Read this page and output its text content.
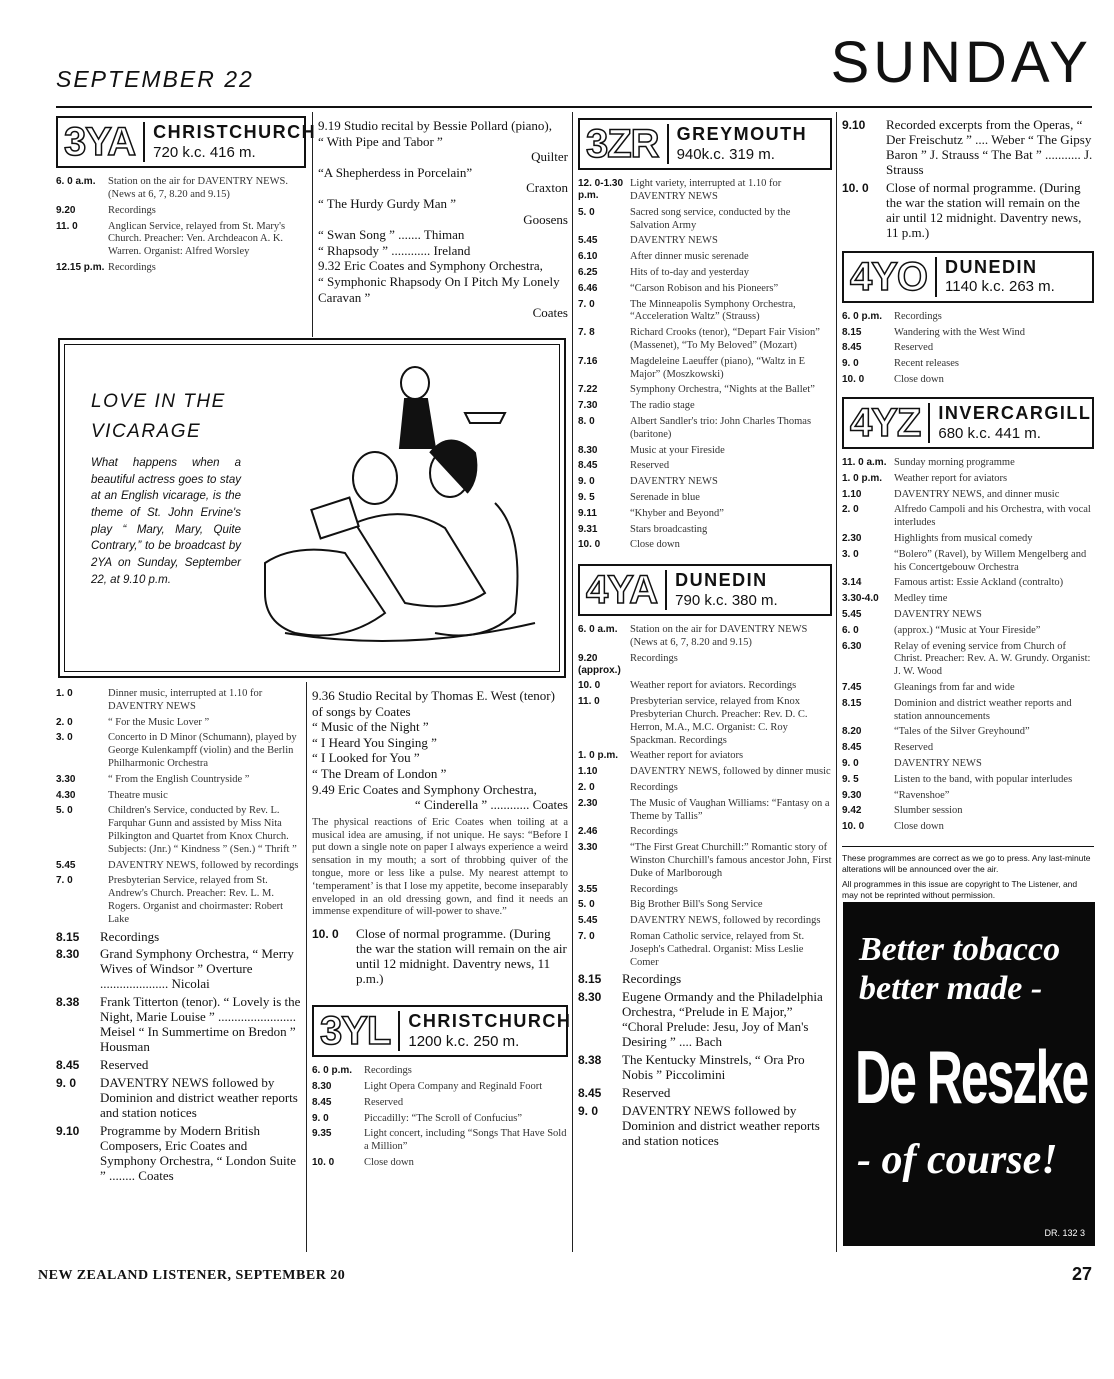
SEPTEMBER 22	SUNDAY
3YA	CHRISTCHURCH
720 k.c. 416 m.
6. 0 a.m.	Station on the air for DAVENTRY NEWS. (News at 6, 7, 8.20 and 9.15)
9.20	Recordings
11. 0	Anglican Service, relayed from St. Mary's Church. Preacher: Ven. Archdeacon A. K. Warren. Organist: Alfred Worsley
12.15 p.m. Recordings
9.19 Studio recital by Bessie Pollard (piano),
“ With Pipe and Tabor ”
Quilter
“A Shepherdess in Porcelain”
Craxton
“ The Hurdy Gurdy Man ”
Goosens
“ Swan Song ” ....... Thiman
“ Rhapsody ” ............ Ireland
9.32 Eric Coates and Symphony Orchestra,
“ Symphonic Rhapsody On I Pitch My Lonely Caravan ”
Coates
LOVE IN THE
VICARAGE
What happens when a beautiful actress goes to stay at an English vicarage, is the theme of St. John Ervine's play “ Mary, Mary, Quite Contrary,” to be broadcast by 2YA on Sunday, September 22, at 9.10 p.m.
1. 0	Dinner music, interrupted at 1.10 for DAVENTRY NEWS
2. 0	“ For the Music Lover ”
3. 0	Concerto in D Minor (Schumann), played by George Kulenkampff (violin) and the Berlin Philharmonic Orchestra
3.30	“ From the English Countryside ”
4.30	Theatre music
5. 0	Children's Service, conducted by Rev. L. Farquhar Gunn and assisted by Miss Nita Pilkington and Quartet from Knox Church. Subjects: (Jnr.) “ Kindness ” (Sen.) “ Thrift ”
5.45	DAVENTRY NEWS, followed by recordings
7. 0	Presbyterian Service, relayed from St. Andrew's Church. Preacher: Rev. L. M. Rogers. Organist and choirmaster: Robert Lake
8.15	Recordings
8.30	Grand Symphony Orchestra, “ Merry Wives of Windsor ” Overture ..................... Nicolai
8.38	Frank Titterton (tenor). “ Lovely is the Night, Marie Louise ” ........................ Meisel “ In Summertime on Bredon ” Housman
8.45	Reserved
9. 0	DAVENTRY NEWS followed by Dominion and district weather reports and station notices
9.10	Programme by Modern British Composers, Eric Coates and Symphony Orchestra, “ London Suite ” ........ Coates
9.36 Studio Recital by Thomas E. West (tenor) of songs by Coates
“ Music of the Night ”
“ I Heard You Singing ”
“ I Looked for You ”
“ The Dream of London ”
9.49 Eric Coates and Symphony Orchestra,
“ Cinderella ” ............ Coates
The physical reactions of Eric Coates when toiling at a musical idea are amusing, if not unique. He says: “Before I put down a single note on paper I always experience a weird sensation in my mouth; a sort of throbbing quiver of the tongue, more or less like a pulse. My nearest attempt to ‘temperament’ is that I lose my appetite, become inseparably enveloped in an old dressing gown, and find it needs an immense expenditure of will-power to shave.”
10. 0	Close of normal programme. (During the war the station will remain on the air until 12 midnight. Daventry news, 11 p.m.)
3YL	CHRISTCHURCH
1200 k.c. 250 m.
6. 0 p.m.	Recordings
8.30	Light Opera Company and Reginald Foort
8.45	Reserved
9. 0	Piccadilly: “The Scroll of Confucius”
9.35	Light concert, including “Songs That Have Sold a Million”
10. 0	Close down
3ZR	GREYMOUTH
940k.c. 319 m.
12. 0-1.30 p.m.
Light variety, interrupted at 1.10 for DAVENTRY NEWS
5. 0	Sacred song service, conducted by the Salvation Army
5.45	DAVENTRY NEWS
6.10	After dinner music serenade
6.25	Hits of to-day and yesterday
6.46	“Carson Robison and his Pioneers”
7. 0	The Minneapolis Symphony Orchestra, “Acceleration Waltz” (Strauss)
7. 8	Richard Crooks (tenor), “Depart Fair Vision” (Massenet), “To My Beloved” (Mozart)
7.16	Magdeleine Laeuffer (piano), “Waltz in E Major” (Moszkowski)
7.22	Symphony Orchestra, “Nights at the Ballet”
7.30	The radio stage
8. 0	Albert Sandler's trio: John Charles Thomas (baritone)
8.30	Music at your Fireside
8.45	Reserved
9. 0	DAVENTRY NEWS
9. 5	Serenade in blue
9.11	“Khyber and Beyond”
9.31	Stars broadcasting
10. 0	Close down
4YA	DUNEDIN
790 k.c. 380 m.
6. 0 a.m.	Station on the air for DAVENTRY NEWS (News at 6, 7, 8.20 and 9.15)
9.20 (approx.)
Recordings
10. 0	Weather report for aviators. Recordings
11. 0	Presbyterian service, relayed from Knox Presbyterian Church. Preacher: Rev. D. C. Herron, M.A., M.C. Organist: C. Roy Spackman. Recordings
1. 0 p.m.	Weather report for aviators
1.10	DAVENTRY NEWS, followed by dinner music
2. 0	Recordings
2.30	The Music of Vaughan Williams: “Fantasy on a Theme by Tallis”
2.46	Recordings
3.30	“The First Great Churchill:” Romantic story of Winston Churchill's famous ancestor John, First Duke of Marlborough
3.55	Recordings
5. 0	Big Brother Bill's Song Service
5.45	DAVENTRY NEWS, followed by recordings
7. 0	Roman Catholic service, relayed from St. Joseph's Cathedral. Organist: Miss Leslie Comer
8.15	Recordings
8.30	Eugene Ormandy and the Philadelphia Orchestra, “Prelude in E Major,” “Choral Prelude: Jesu, Joy of Man's Desiring ” .... Bach
8.38	The Kentucky Minstrels, “ Ora Pro Nobis ” Piccolimini
8.45	Reserved
9. 0	DAVENTRY NEWS followed by Dominion and district weather reports and station notices
9.10	Recorded excerpts from the Operas, “ Der Freischutz ” .... Weber “ The Gipsy Baron ” J. Strauss “ The Bat ” ........... J. Strauss
10. 0	Close of normal programme. (During the war the station will remain on the air until 12 midnight. Daventry news, 11 p.m.)
4YO	DUNEDIN
1140 k.c. 263 m.
6. 0 p.m.	Recordings
8.15	Wandering with the West Wind
8.45	Reserved
9. 0	Recent releases
10. 0	Close down
4YZ	INVERCARGILL
680 k.c. 441 m.
11. 0 a.m. Sunday morning programme
1. 0 p.m.	Weather report for aviators
1.10	DAVENTRY NEWS, and dinner music
2. 0	Alfredo Campoli and his Orchestra, with vocal interludes
2.30	Highlights from musical comedy
3. 0	“Bolero” (Ravel), by Willem Mengelberg and his Concertgebouw Orchestra
3.14	Famous artist: Essie Ackland (contralto)
3.30-4.0	Medley time
5.45	DAVENTRY NEWS
6. 0	(approx.) “Music at Your Fireside”
6.30	Relay of evening service from Church of Christ. Preacher: Rev. A. W. Grundy. Organist: J. W. Wood
7.45	Gleanings from far and wide
8.15	Dominion and district weather reports and station announcements
8.20	“Tales of the Silver Greyhound”
8.45	Reserved
9. 0	DAVENTRY NEWS
9. 5	Listen to the band, with popular interludes
9.30	“Ravenshoe”
9.42	Slumber session
10. 0	Close down
These programmes are correct as we go to press. Any last-minute alterations will be announced over the air.
All programmes in this issue are copyright to The Listener, and may not be reprinted without permission.
Better tobacco
better made -
De Reszke
- of course!
DR. 132 3
NEW ZEALAND LISTENER, SEPTEMBER 20	27
